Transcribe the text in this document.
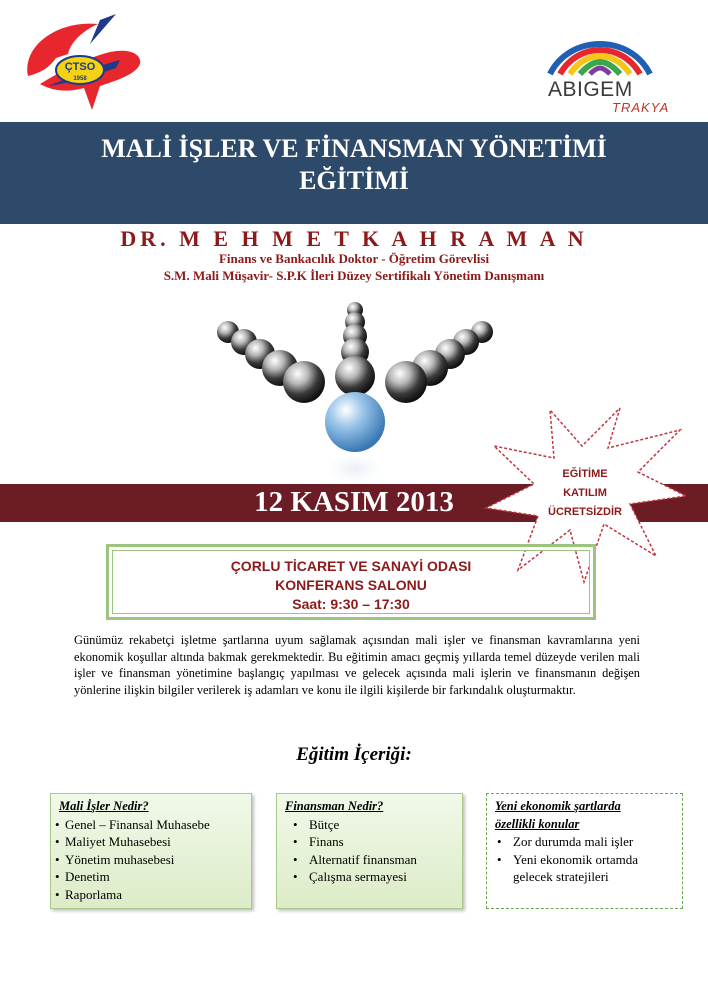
ÇTSO
1958	ABIGEM
TRAKYA
MALİ İŞLER VE FİNANSMAN YÖNETİMİ
EĞİTİMİ
DR. M E H M E T K A H R A M A N
Finans ve Bankacılık Doktor - Öğretim Görevlisi
S.M. Mali Müşavir- S.P.K İleri Düzey Sertifikalı Yönetim Danışmanı
12 KASIM 2013
EĞİTİME
KATILIM
ÜCRETSİZDİR
ÇORLU TİCARET VE SANAYİ ODASI
KONFERANS SALONU
Saat: 9:30 – 17:30
Günümüz rekabetçi işletme şartlarına uyum sağlamak açısından mali işler ve finansman kavramlarına yeni ekonomik koşullar altında bakmak gerekmektedir. Bu eğitimin amacı geçmiş yıllarda temel düzeyde verilen mali işler ve finansman yönetimine başlangıç yapılması ve gelecek açısında mali işlerin ve finansmanın değişen yönlerine ilişkin bilgiler verilerek iş adamları ve konu ile ilgili kişilerde bir farkındalık oluşturmaktır.
Eğitim İçeriği:
Mali İşler Nedir?
• Genel – Finansal Muhasebe
• Maliyet Muhasebesi
• Yönetim muhasebesi
• Denetim
• Raporlama
Finansman Nedir?
• Bütçe
• Finans
• Alternatif finansman
• Çalışma sermayesi
Yeni ekonomik şartlarda
özellikli konular
• Zor durumda mali işler
• Yeni ekonomik ortamda gelecek stratejileri
